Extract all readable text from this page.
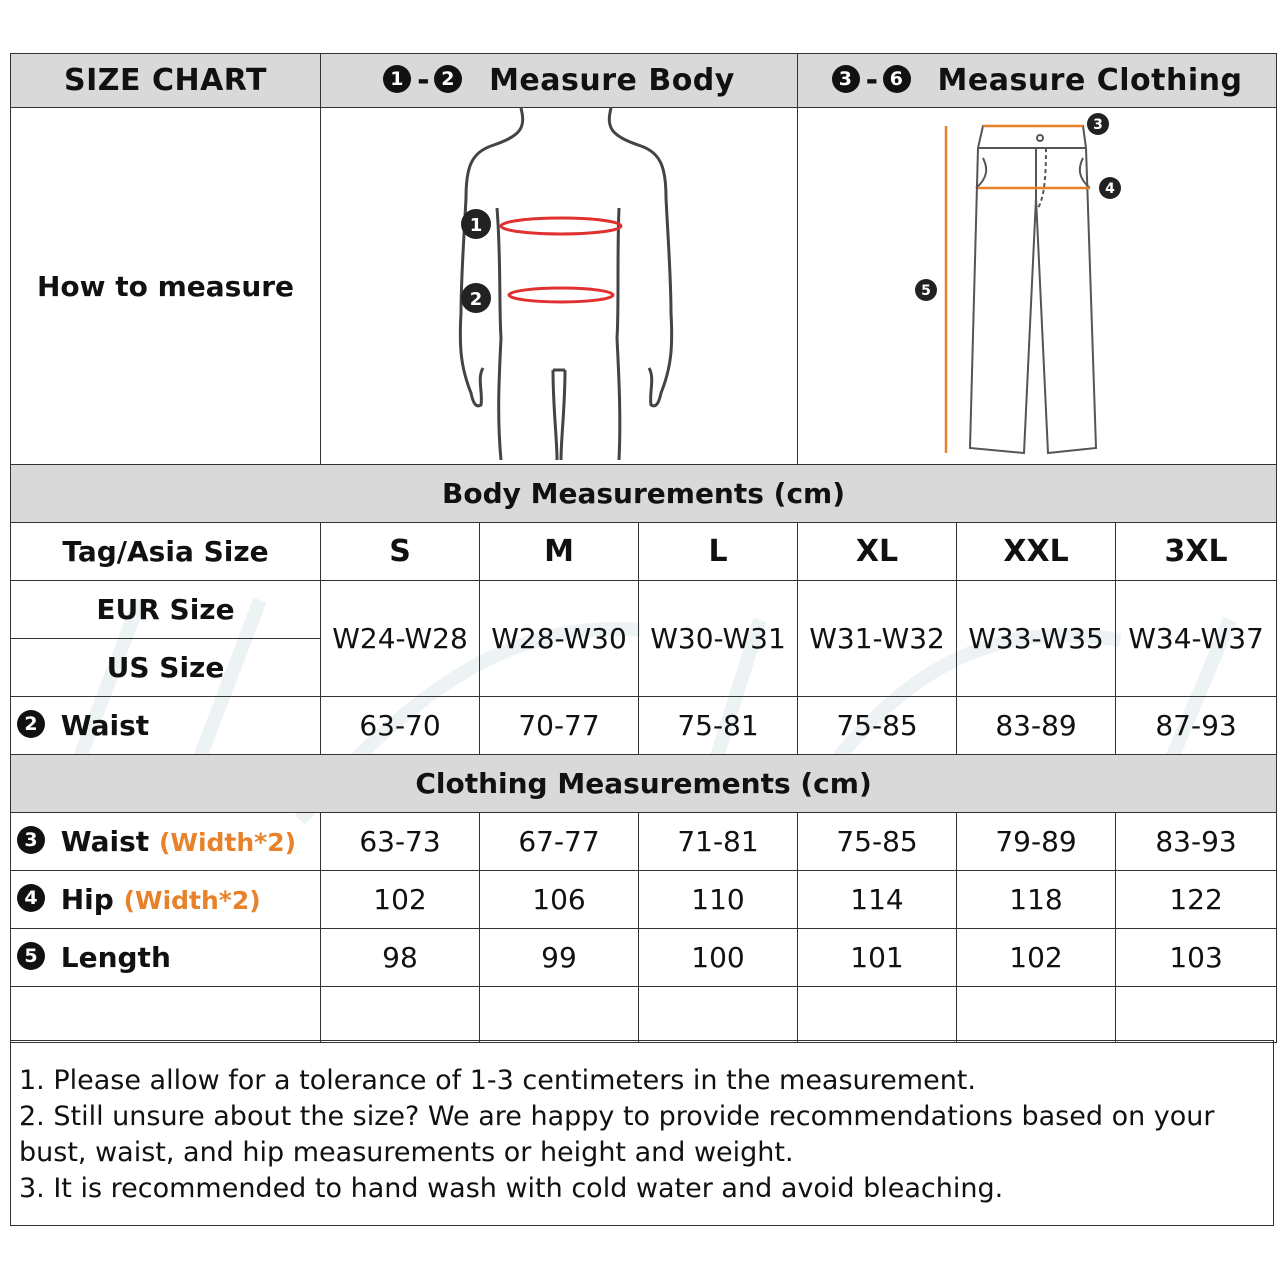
SIZE CHART	1 - 2 Measure Body			3 - 6 Measure Clothing		
How to measure	1
2			3
4
5		

Body Measurements (cm)						
Tag/Asia Size	S	M	L	XL	XXL	3XL
EUR Size	W24-W28	W28-W30	W30-W31	W31-W32	W33-W35	W34-W37
US Size						
2 Waist	63-70	70-77	75-81	75-85	83-89	87-93
Clothing Measurements (cm)						
3 Waist (Width*2)	63-73	67-77	71-81	75-85	79-89	83-93
4 Hip (Width*2)	102	106	110	114	118	122
5 Length	98	99	100	101	102	103

1. Please allow for a tolerance of 1-3 centimeters in the measurement.
2. Still unsure about the size? We are happy to provide recommendations based on your bust, waist, and hip measurements or height and weight.
3. It is recommended to hand wash with cold water and avoid bleaching.
